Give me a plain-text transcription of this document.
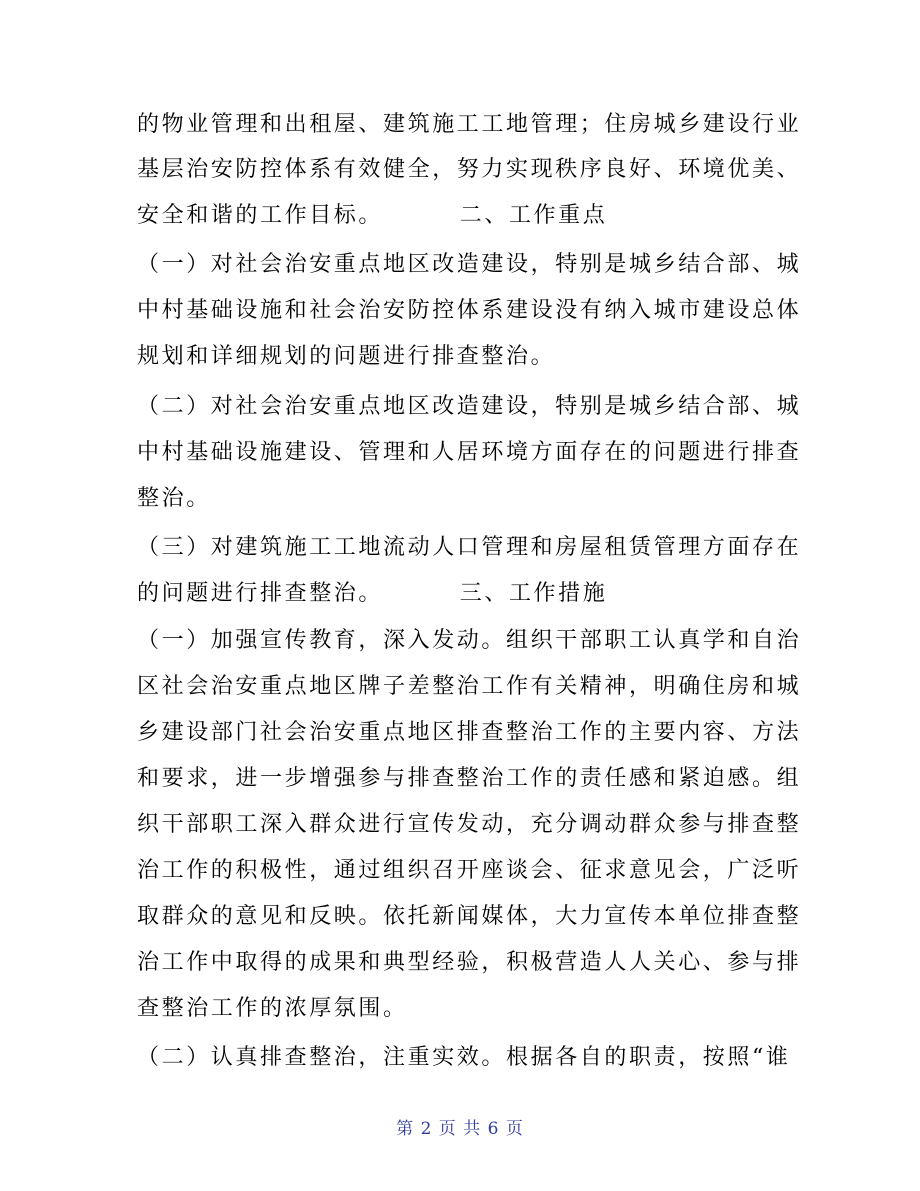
的物业管理和出租屋、建筑施工工地管理；住房城乡建设行业
基层治安防控体系有效健全，努力实现秩序良好、环境优美、
安全和谐的工作目标。        二、工作重点
（一）对社会治安重点地区改造建设，特别是城乡结合部、城
中村基础设施和社会治安防控体系建设没有纳入城市建设总体
规划和详细规划的问题进行排查整治。
（二）对社会治安重点地区改造建设，特别是城乡结合部、城
中村基础设施建设、管理和人居环境方面存在的问题进行排查
整治。
（三）对建筑施工工地流动人口管理和房屋租赁管理方面存在
的问题进行排查整治。        三、工作措施
（一）加强宣传教育，深入发动。组织干部职工认真学和自治
区社会治安重点地区牌子差整治工作有关精神，明确住房和城
乡建设部门社会治安重点地区排查整治工作的主要内容、方法
和要求，进一步增强参与排查整治工作的责任感和紧迫感。组
织干部职工深入群众进行宣传发动，充分调动群众参与排查整
治工作的积极性，通过组织召开座谈会、征求意见会，广泛听
取群众的意见和反映。依托新闻媒体，大力宣传本单位排查整
治工作中取得的成果和典型经验，积极营造人人关心、参与排
查整治工作的浓厚氛围。
（二）认真排查整治，注重实效。根据各自的职责，按照“谁
第 2 页 共 6 页
